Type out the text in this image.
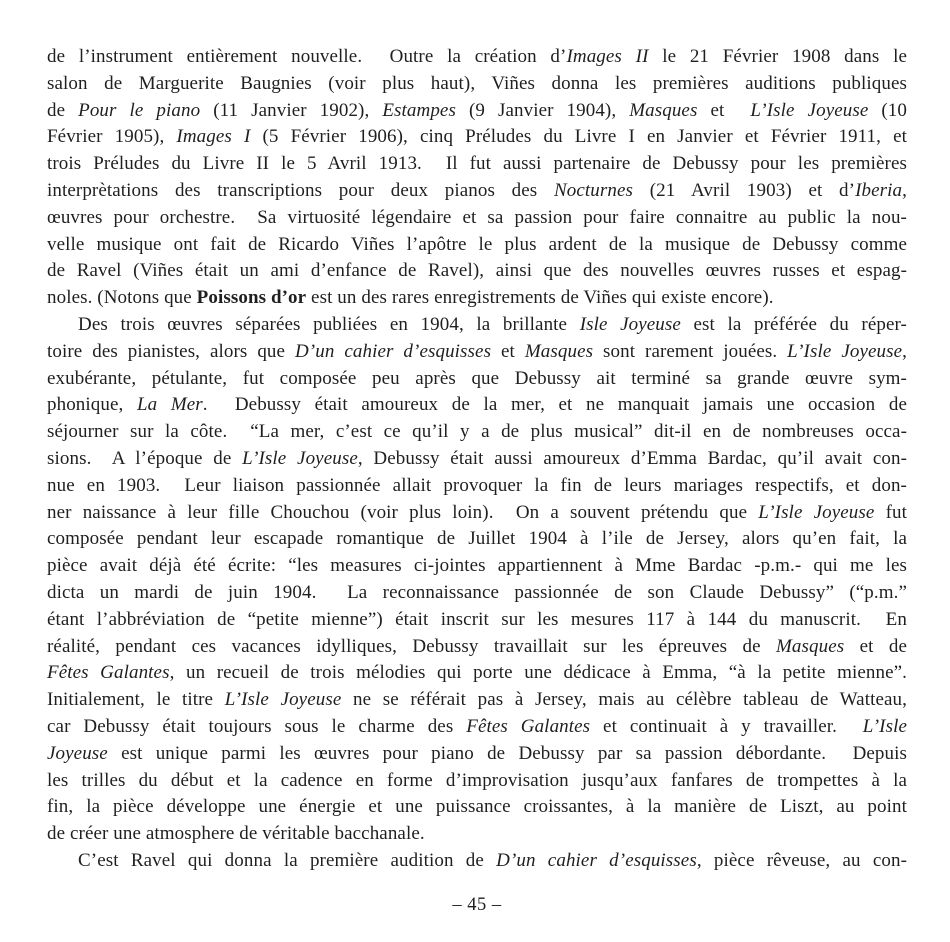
de l’instrument entièrement nouvelle.  Outre la création d’Images II le 21 Février 1908 dans le
salon de Marguerite Baugnies (voir plus haut), Viñes donna les premières auditions publiques
de Pour le piano (11 Janvier 1902), Estampes (9 Janvier 1904), Masques et  L’Isle Joyeuse (10
Février 1905), Images I (5 Février 1906), cinq Préludes du Livre I en Janvier et Février 1911, et
trois Préludes du Livre II le 5 Avril 1913.  Il fut aussi partenaire de Debussy pour les premières
interprètations des transcriptions pour deux pianos des Nocturnes (21 Avril 1903) et d’Iberia,
œuvres pour orchestre.  Sa virtuosité légendaire et sa passion pour faire connaitre au public la nou-
velle musique ont fait de Ricardo Viñes l’apôtre le plus ardent de la musique de Debussy comme
de Ravel (Viñes était un ami d’enfance de Ravel), ainsi que des nouvelles œuvres russes et espag-
noles. (Notons que Poissons d’or est un des rares enregistrements de Viñes qui existe encore).
Des trois œuvres séparées publiées en 1904, la brillante Isle Joyeuse est la préférée du réper-
toire des pianistes, alors que D’un cahier d’esquisses et Masques sont rarement jouées. L’Isle Joyeuse,
exubérante, pétulante, fut composée peu après que Debussy ait terminé sa grande œuvre sym-
phonique, La Mer.  Debussy était amoureux de la mer, et ne manquait jamais une occasion de
séjourner sur la côte.  “La mer, c’est ce qu’il y a de plus musical” dit-il en de nombreuses occa-
sions.  A l’époque de L’Isle Joyeuse, Debussy était aussi amoureux d’Emma Bardac, qu’il avait con-
nue en 1903.  Leur liaison passionnée allait provoquer la fin de leurs mariages respectifs, et don-
ner naissance à leur fille Chouchou (voir plus loin).  On a souvent prétendu que L’Isle Joyeuse fut
composée pendant leur escapade romantique de Juillet 1904 à l’ile de Jersey, alors qu’en fait, la
pièce avait déjà été écrite: “les measures ci-jointes appartiennent à Mme Bardac -p.m.- qui me les
dicta un mardi de juin 1904.  La reconnaissance passionnée de son Claude Debussy” (“p.m.”
étant l’abbréviation de “petite mienne”) était inscrit sur les mesures 117 à 144 du manuscrit.  En
réalité, pendant ces vacances idylliques, Debussy travaillait sur les épreuves de Masques et de
Fêtes Galantes, un recueil de trois mélodies qui porte une dédicace à Emma, “à la petite mienne”.
Initialement, le titre L’Isle Joyeuse ne se référait pas à Jersey, mais au célèbre tableau de Watteau,
car Debussy était toujours sous le charme des Fêtes Galantes et continuait à y travailler.  L’Isle
Joyeuse est unique parmi les œuvres pour piano de Debussy par sa passion débordante.  Depuis
les trilles du début et la cadence en forme d’improvisation jusqu’aux fanfares de trompettes à la
fin, la pièce développe une énergie et une puissance croissantes, à la manière de Liszt, au point
de créer une atmosphere de véritable bacchanale.
C’est Ravel qui donna la première audition de D’un cahier d’esquisses, pièce rêveuse, au con-
– 45 –
